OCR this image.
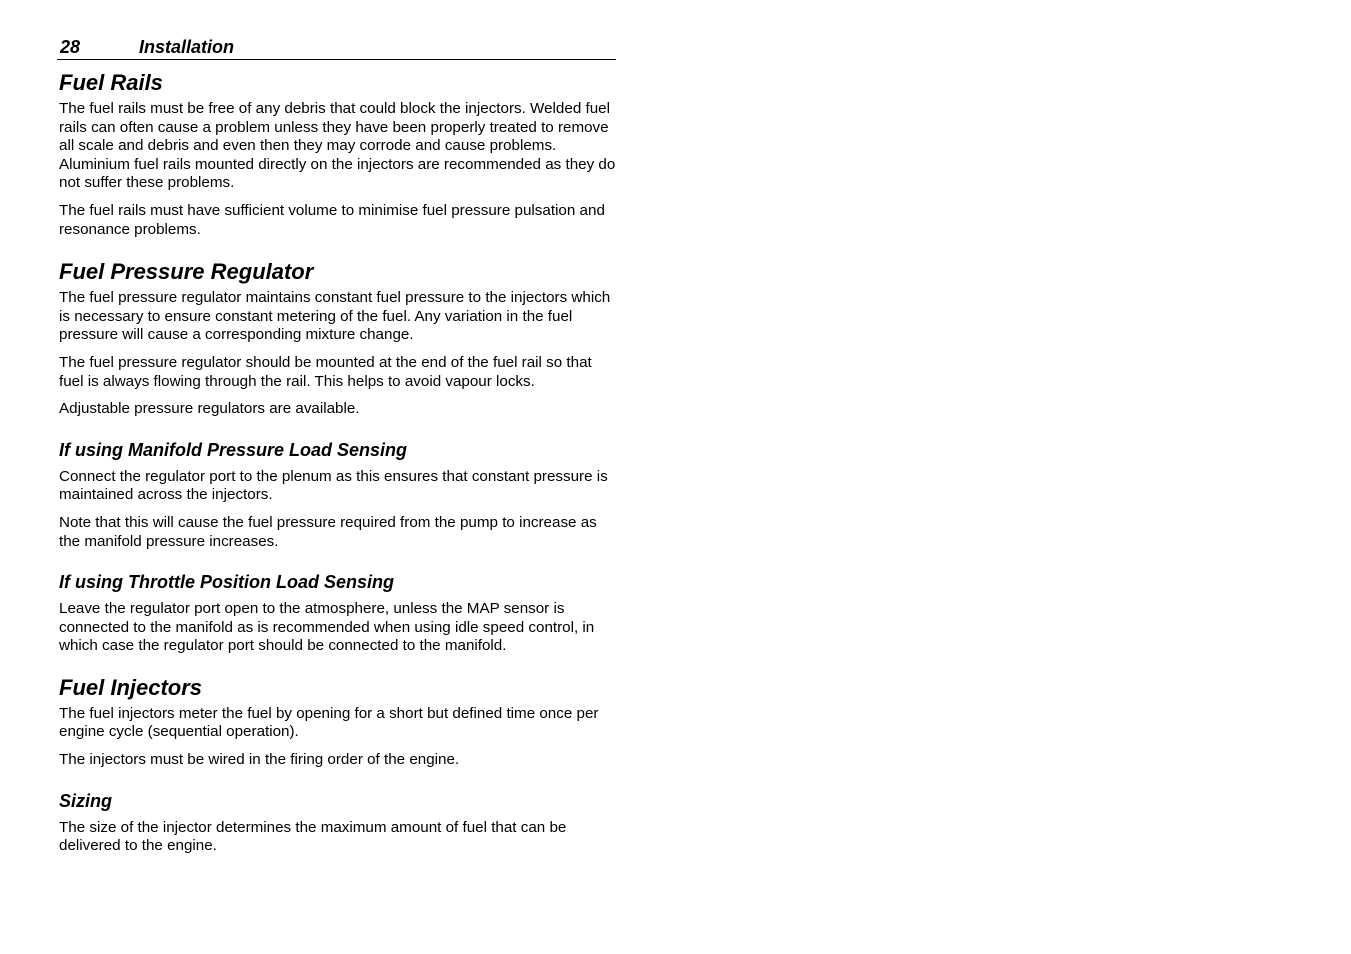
28	Installation
Fuel Rails

The fuel rails must be free of any debris that could block the injectors. Welded fuel rails can often cause a problem unless they have been properly treated to remove all scale and debris and even then they may corrode and cause problems. Aluminium fuel rails mounted directly on the injectors are recommended as they do not suffer these problems.

The fuel rails must have sufficient volume to minimise fuel pressure pulsation and resonance problems.

Fuel Pressure Regulator

The fuel pressure regulator maintains constant fuel pressure to the injectors which is necessary to ensure constant metering of the fuel. Any variation in the fuel pressure will cause a corresponding mixture change.

The fuel pressure regulator should be mounted at the end of the fuel rail so that fuel is always flowing through the rail. This helps to avoid vapour locks.

Adjustable pressure regulators are available.

If using Manifold Pressure Load Sensing

Connect the regulator port to the plenum as this ensures that constant pressure is maintained across the injectors.

Note that this will cause the fuel pressure required from the pump to increase as the manifold pressure increases.

If using Throttle Position Load Sensing

Leave the regulator port open to the atmosphere, unless the MAP sensor is connected to the manifold as is recommended when using idle speed control, in which case the regulator port should be connected to the manifold.

Fuel Injectors

The fuel injectors meter the fuel by opening for a short but defined time once per engine cycle (sequential operation).

The injectors must be wired in the firing order of the engine.

Sizing

The size of the injector determines the maximum amount of fuel that can be delivered to the engine.
